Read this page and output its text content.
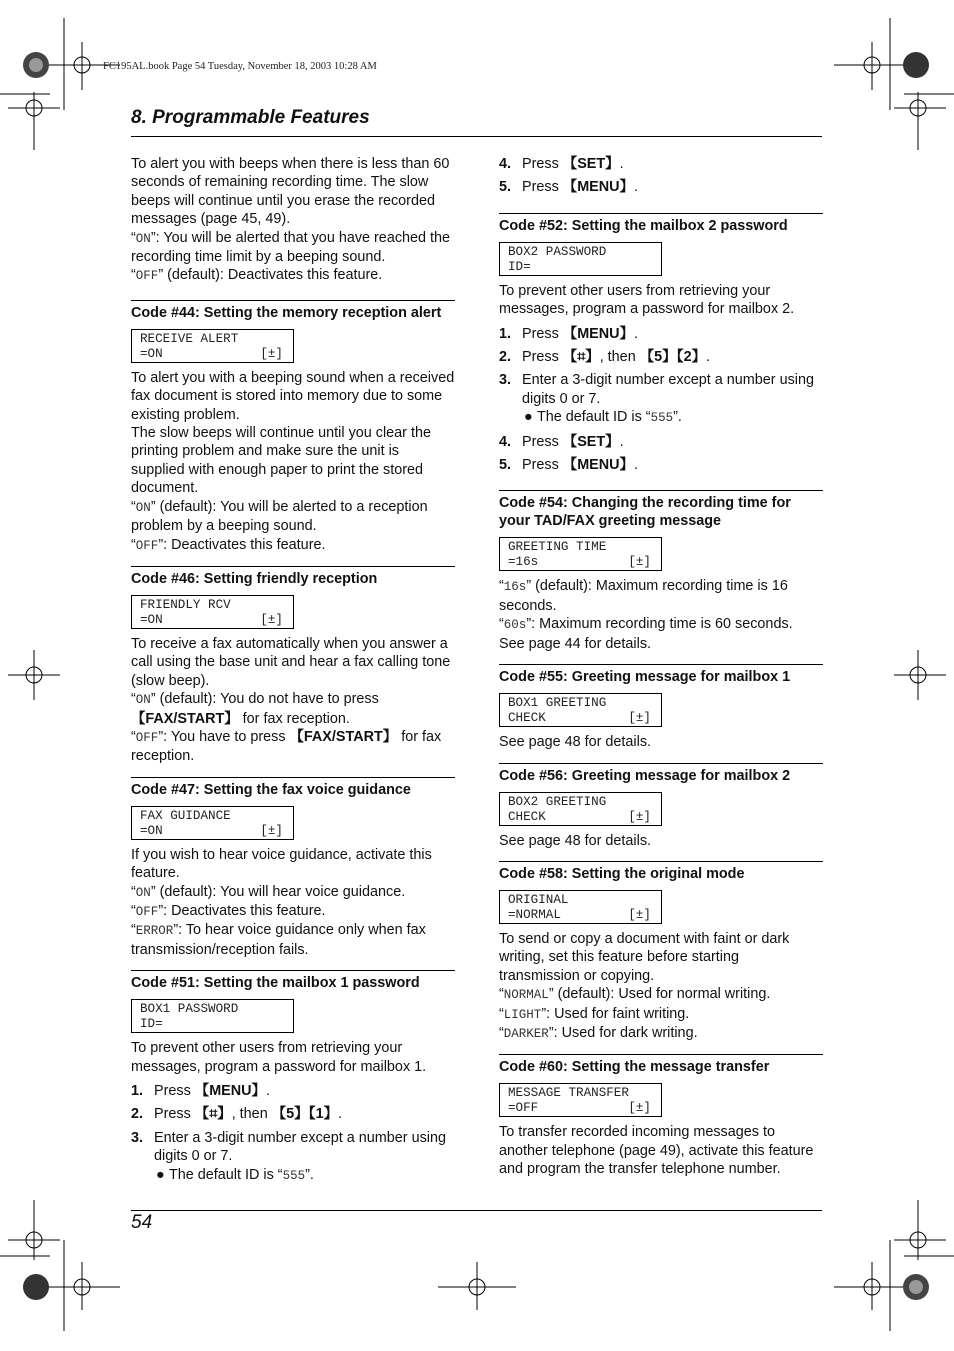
FC195AL.book Page 54 Tuesday, November 18, 2003 10:28 AM
8. Programmable Features

To alert you with beeps when there is less than 60 seconds of remaining recording time. The slow beeps will continue until you erase the recorded messages (page 45, 49).

“ON”: You will be alerted that you have reached the recording time limit by a beeping sound.

“OFF” (default): Deactivates this feature.

Code #44: Setting the memory reception alert
RECEIVE ALERT
=ON	[±]

To alert you with a beeping sound when a received fax document is stored into memory due to some existing problem.

The slow beeps will continue until you clear the printing problem and make sure the unit is supplied with enough paper to print the stored document.

“ON” (default): You will be alerted to a reception problem by a beeping sound.

“OFF”: Deactivates this feature.

Code #46: Setting friendly reception
FRIENDLY RCV
=ON	[±]

To receive a fax automatically when you answer a call using the base unit and hear a fax calling tone (slow beep).

“ON” (default): You do not have to press 【FAX/START】 for fax reception.

“OFF”: You have to press 【FAX/START】 for fax reception.

Code #47: Setting the fax voice guidance
FAX GUIDANCE
=ON	[±]

If you wish to hear voice guidance, activate this feature.

“ON” (default): You will hear voice guidance.

“OFF”: Deactivates this feature.

“ERROR”: To hear voice guidance only when fax transmission/reception fails.

Code #51: Setting the mailbox 1 password
BOX1 PASSWORD
ID=

To prevent other users from retrieving your messages, program a password for mailbox 1.

1. Press 【MENU】.
2. Press 【⌗】, then 【5】【1】.
3. Enter a 3-digit number except a number using digits 0 or 7.
● The default ID is “555”.
4. Press 【SET】.
5. Press 【MENU】.
Code #52: Setting the mailbox 2 password
BOX2 PASSWORD
ID=

To prevent other users from retrieving your messages, program a password for mailbox 2.

1. Press 【MENU】.
2. Press 【⌗】, then 【5】【2】.
3. Enter a 3-digit number except a number using digits 0 or 7.
● The default ID is “555”.
4. Press 【SET】.
5. Press 【MENU】.
Code #54: Changing the recording time for your TAD/FAX greeting message
GREETING TIME
=16s	[±]

“16s” (default): Maximum recording time is 16 seconds.

“60s”: Maximum recording time is 60 seconds.

See page 44 for details.

Code #55: Greeting message for mailbox 1
BOX1 GREETING
CHECK	[±]

See page 48 for details.

Code #56: Greeting message for mailbox 2
BOX2 GREETING
CHECK	[±]

See page 48 for details.

Code #58: Setting the original mode
ORIGINAL
=NORMAL	[±]

To send or copy a document with faint or dark writing, set this feature before starting transmission or copying.

“NORMAL” (default): Used for normal writing.

“LIGHT”: Used for faint writing.

“DARKER”: Used for dark writing.

Code #60: Setting the message transfer
MESSAGE TRANSFER
=OFF	[±]

To transfer recorded incoming messages to another telephone (page 49), activate this feature and program the transfer telephone number.

54
